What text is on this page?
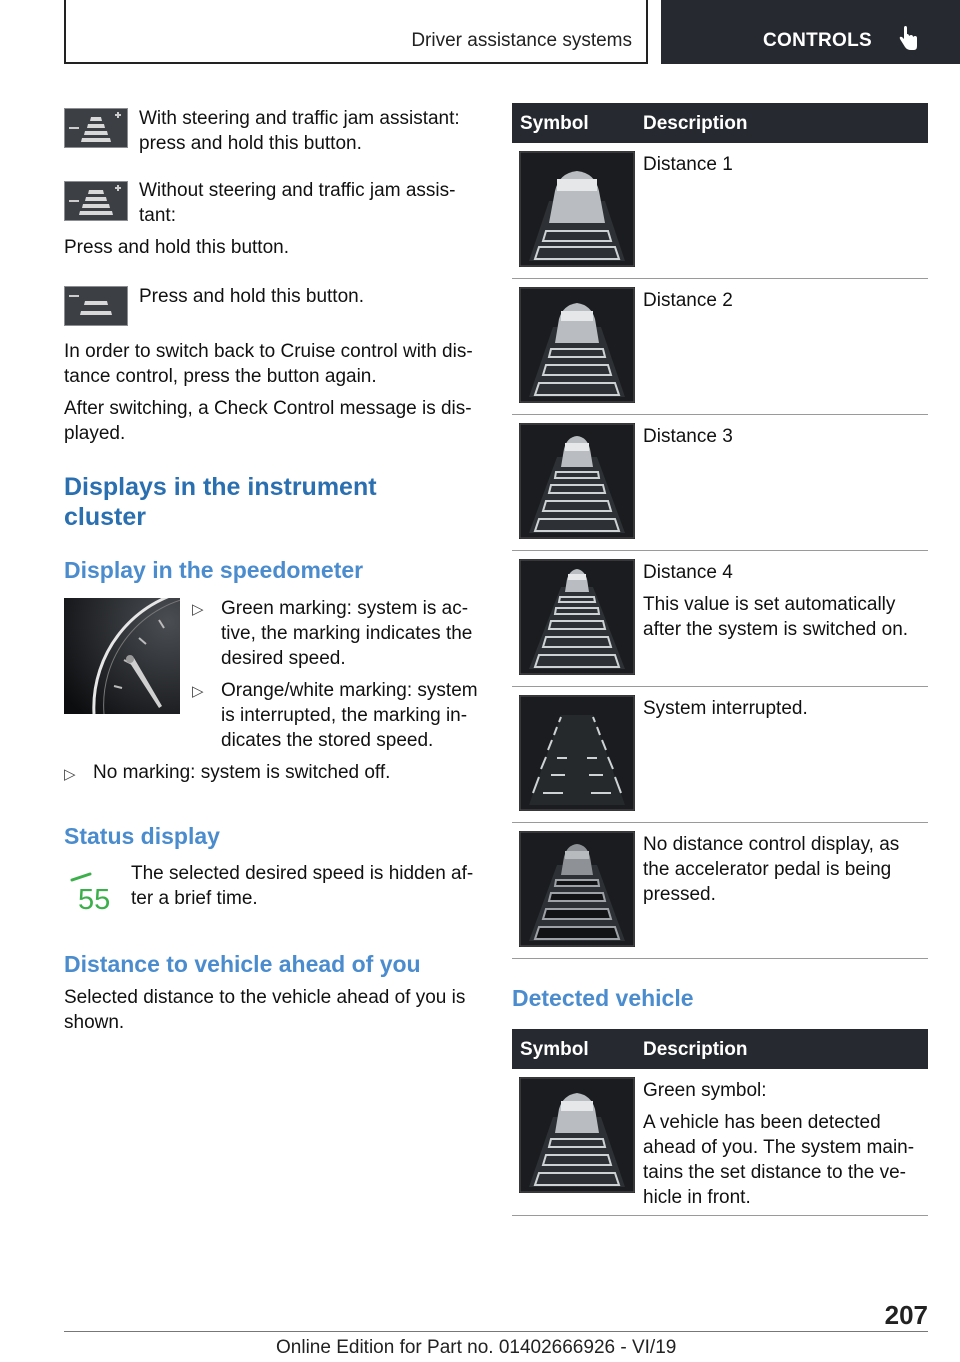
Driver assistance systems	CONTROLS

With steering and traffic jam assistant: press and hold this button.

Without steering and traffic jam assis-tant:

Press and hold this button.

Press and hold this button.

In order to switch back to Cruise control with dis-tance control, press the button again.

After switching, a Check Control message is dis-played.

Displays in the instrument cluster
Display in the speedometer
▷ Green marking: system is ac-tive, the marking indicates the desired speed.

▷ Orange/white marking: system is interrupted, the marking in-dicates the stored speed.

▷ No marking: system is switched off.

Status display
55

The selected desired speed is hidden af-ter a brief time.

Distance to vehicle ahead of you

Selected distance to the vehicle ahead of you is shown.

Symbol	Description
Distance 1
Distance 2
Distance 3
Distance 4
This value is set automatically after the system is switched on.
System interrupted.
No distance control display, as the accelerator pedal is being pressed.
Detected vehicle
Symbol	Description
Green symbol:
A vehicle has been detected ahead of you. The system main-tains the set distance to the ve-hicle in front.
207
Online Edition for Part no. 01402666926 - VI/19
